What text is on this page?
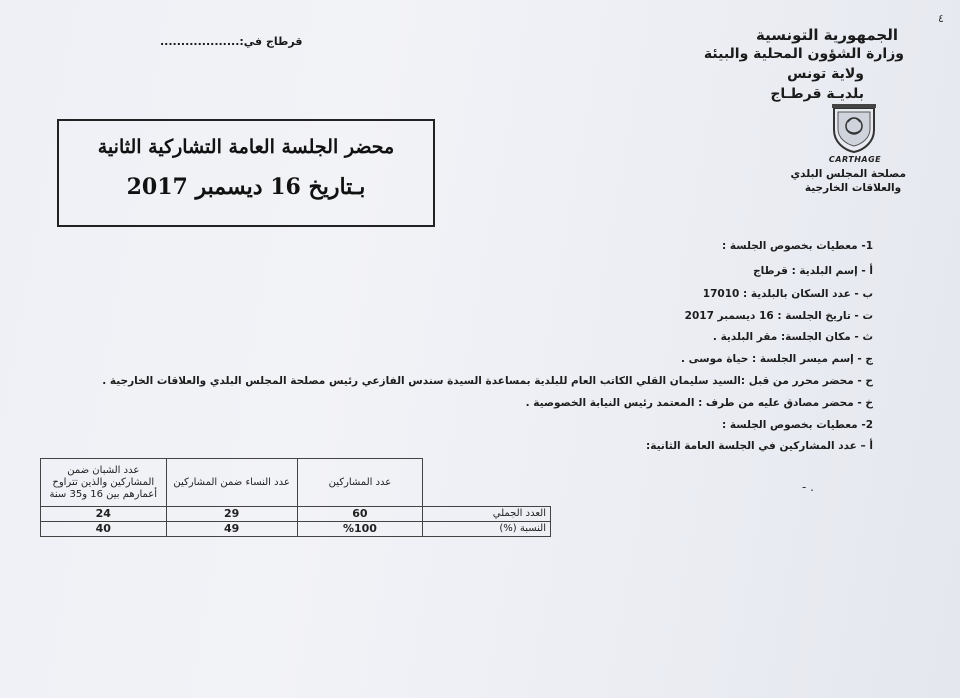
٤
الجمهورية التونسية
وزارة الشؤون المحلية والبيئة
ولاية تونس
بلديـة قرطـاج
CARTHAGE
مصلحة المجلس البلدي
والعلاقات الخارجية
قرطاج في:...................
محضر الجلسة العامة التشاركية الثانية
بـتاريخ 16 ديسمبر 2017
1- معطيات بخصوص الجلسة :
أ - إسم البلدية : قرطاج
ب - عدد السكان بالبلدية : 17010
ت - تاريخ الجلسة : 16 ديسمبر 2017
ث - مكان الجلسة: مقر البلدية .
ج - إسم ميسر الجلسة : حياة موسى .
ح - محضر محرر من قبل :السيد سليمان القلي الكاتب العام للبلدية بمساعدة السيدة سندس الفازعي رئيس مصلحة المجلس البلدي والعلاقات الخارجية .
خ - محضر مصادق عليه من طرف : المعتمد رئيس النيابة الخصوصية .
2- معطيات بخصوص الجلسة :
أ – عدد المشاركين في الجلسة العامة الثانية:
- .
	عدد المشاركين	عدد النساء ضمن المشاركين	عدد الشبان ضمن المشاركين والذين تتراوح أعمارهم بين 16 و35 سنة
العدد الجملي	60	29	24
النسبة (%)	%100	49	40
